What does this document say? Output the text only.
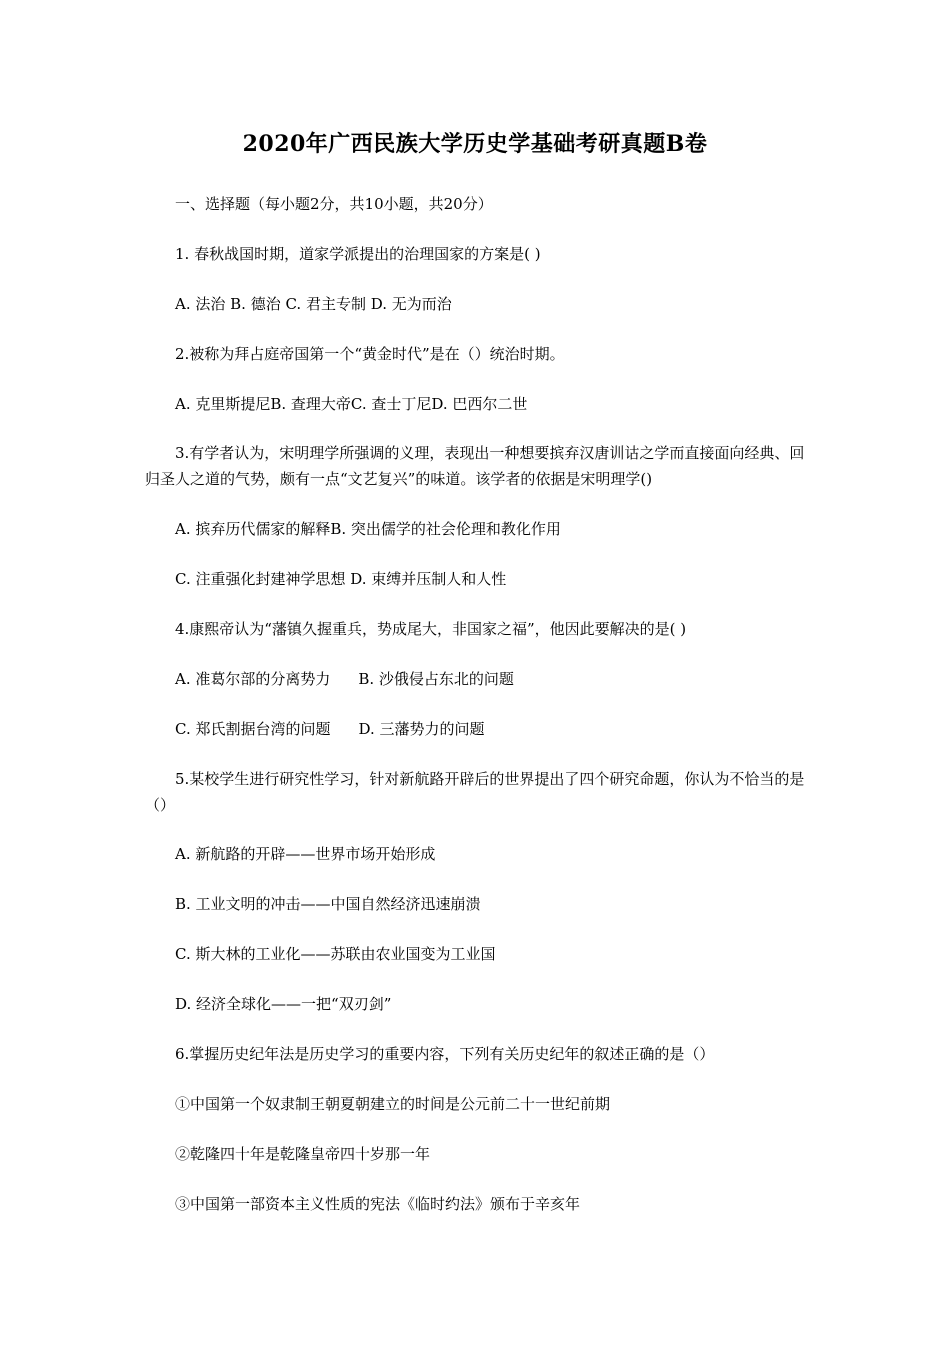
2020年广西民族大学历史学基础考研真题B卷
一、选择题（每小题2分，共10小题，共20分）
1. 春秋战国时期，道家学派提出的治理国家的方案是( )
A. 法治 B. 德治 C. 君主专制 D. 无为而治
2.被称为拜占庭帝国第一个“黄金时代”是在（）统治时期。
A. 克里斯提尼B. 查理大帝C. 查士丁尼D. 巴西尔二世
3.有学者认为，宋明理学所强调的义理，表现出一种想要摈弃汉唐训诂之学而直接面向经典、回归圣人之道的气势，颇有一点“文艺复兴”的味道。该学者的依据是宋明理学()
A. 摈弃历代儒家的解释B. 突出儒学的社会伦理和教化作用
C. 注重强化封建神学思想 D. 束缚并压制人和人性
4.康熙帝认为“藩镇久握重兵，势成尾大，非国家之福”，他因此要解决的是( )
A. 准葛尔部的分离势力 B. 沙俄侵占东北的问题
C. 郑氏割据台湾的问题 D. 三藩势力的问题
5.某校学生进行研究性学习，针对新航路开辟后的世界提出了四个研究命题，你认为不恰当的是（）
A. 新航路的开辟——世界市场开始形成
B. 工业文明的冲击——中国自然经济迅速崩溃
C. 斯大林的工业化——苏联由农业国变为工业国
D. 经济全球化——一把“双刃剑”
6.掌握历史纪年法是历史学习的重要内容，下列有关历史纪年的叙述正确的是（）
①中国第一个奴隶制王朝夏朝建立的时间是公元前二十一世纪前期
②乾隆四十年是乾隆皇帝四十岁那一年
③中国第一部资本主义性质的宪法《临时约法》颁布于辛亥年
